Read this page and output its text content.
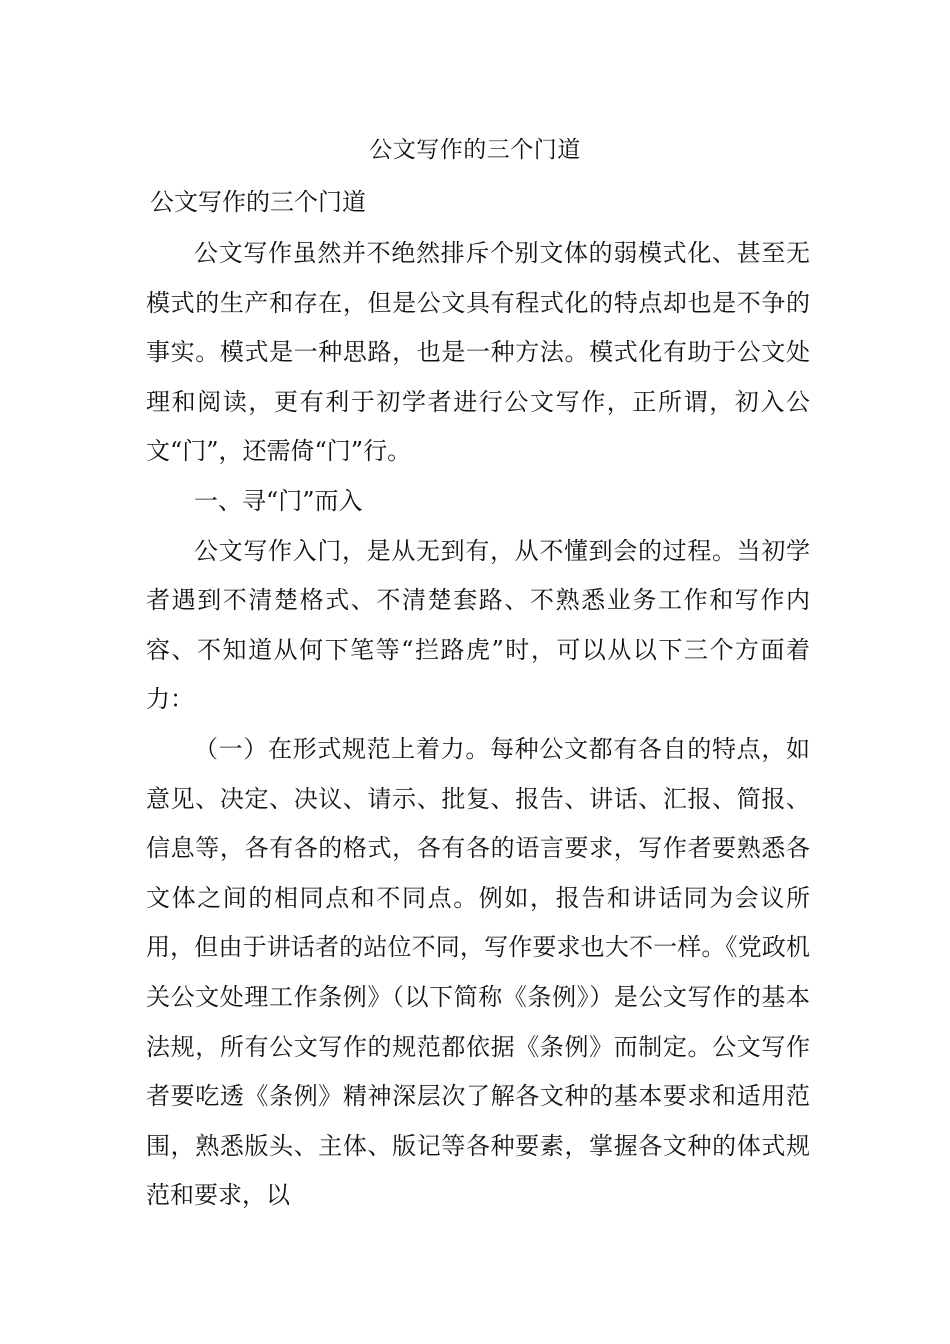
公文写作的三个门道
公文写作的三个门道

公文写作虽然并不绝然排斥个别文体的弱模式化、甚至无模式的生产和存在，但是公文具有程式化的特点却也是不争的事实。模式是一种思路，也是一种方法。模式化有助于公文处理和阅读，更有利于初学者进行公文写作，正所谓，初入公文“门”，还需倚“门”行。

一、寻“门”而入

公文写作入门，是从无到有，从不懂到会的过程。当初学者遇到不清楚格式、不清楚套路、不熟悉业务工作和写作内容、不知道从何下笔等“拦路虎”时，可以从以下三个方面着力：

（一）在形式规范上着力。每种公文都有各自的特点，如意见、决定、决议、请示、批复、报告、讲话、汇报、简报、信息等，各有各的格式，各有各的语言要求，写作者要熟悉各文体之间的相同点和不同点。例如，报告和讲话同为会议所用，但由于讲话者的站位不同，写作要求也大不一样。《党政机关公文处理工作条例》（以下简称《条例》）是公文写作的基本法规，所有公文写作的规范都依据《条例》而制定。公文写作者要吃透《条例》精神深层次了解各文种的基本要求和适用范围，熟悉版头、主体、版记等各种要素，掌握各文种的体式规范和要求，以
